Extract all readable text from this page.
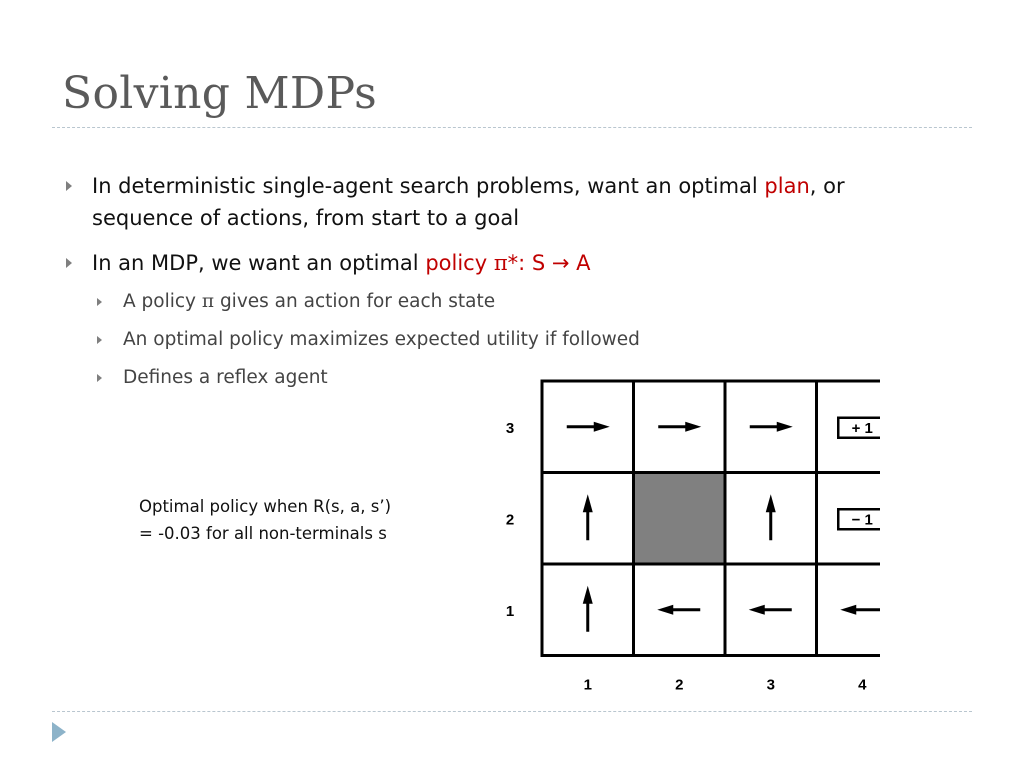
Solving MDPs
In deterministic single-agent search problems, want an optimal plan, or sequence of actions, from start to a goal
In an MDP, we want an optimal policy π*: S → A
A policy π gives an action for each state
An optimal policy maximizes expected utility if followed
Defines a reflex agent
Optimal policy when R(s, a, s’) = -0.03 for all non-terminals s
+ 1
− 1
3
2
1
1	2	3	4
